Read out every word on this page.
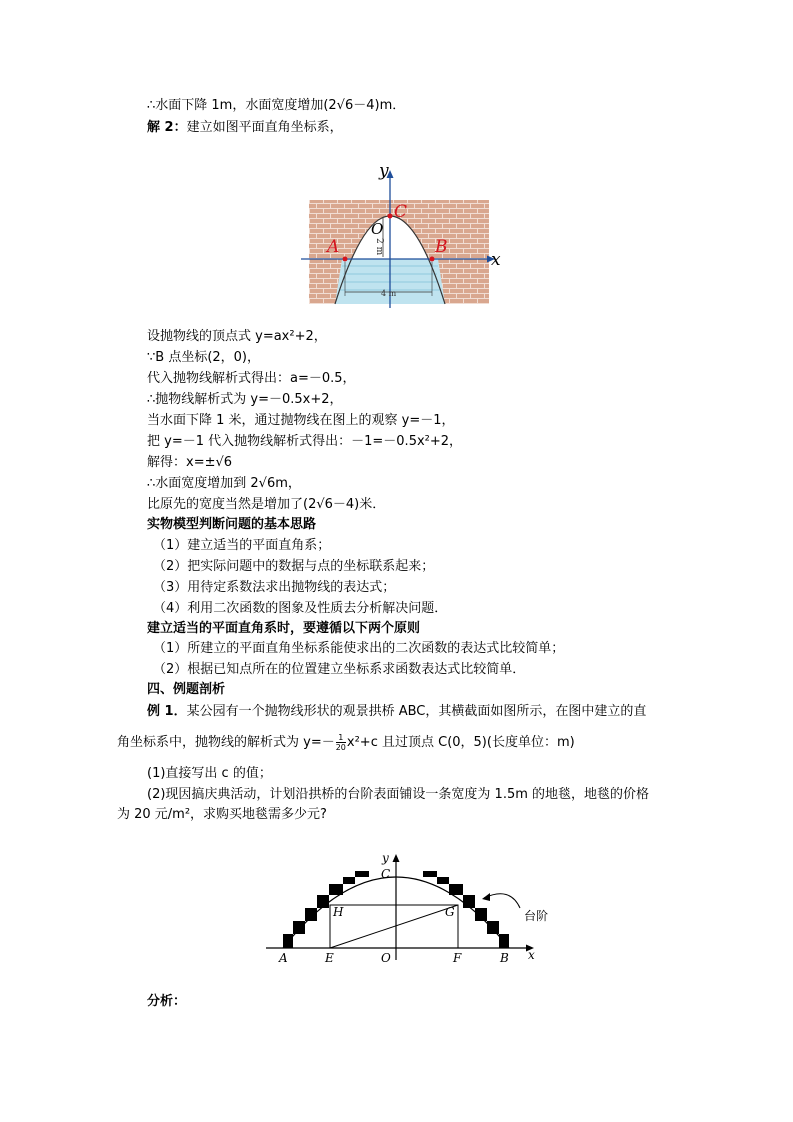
∴水面下降 1m，水面宽度增加(2√6－4)m．
解 2：建立如图平面直角坐标系，
2 m
4 m
y
x
O
C
A	B
设抛物线的顶点式 y=ax²+2，
∵B 点坐标(2，0)，
代入抛物线解析式得出：a=－0.5，
∴抛物线解析式为 y=－0.5x+2，
当水面下降 1 米，通过抛物线在图上的观察 y=－1，
把 y=－1 代入抛物线解析式得出：－1=－0.5x²+2，
解得：x=±√6
∴水面宽度增加到 2√6m，
比原先的宽度当然是增加了(2√6－4)米．
实物模型判断问题的基本思路
（1）建立适当的平面直角系；
（2）把实际问题中的数据与点的坐标联系起来；
（3）用待定系数法求出抛物线的表达式；
（4）利用二次函数的图象及性质去分析解决问题．
建立适当的平面直角系时，要遵循以下两个原则
（1）所建立的平面直角坐标系能使求出的二次函数的表达式比较简单；
（2）根据已知点所在的位置建立坐标系求函数表达式比较简单．
四、例题剖析
例 1．某公园有一个抛物线形状的观景拱桥 ABC，其横截面如图所示，在图中建立的直
角坐标系中，抛物线的解析式为 $y=- \frac{1}{20} x^2+c$ 且过顶点 C(0，5)(长度单位：m)
(1)直接写出 c 的值；
(2)现因搞庆典活动，计划沿拱桥的台阶表面铺设一条宽度为 1.5m 的地毯，地毯的价格
为 20 元/m²，求购买地毯需多少元?
y
C
H	G
A	E	O	F	B x
台阶
分析：
